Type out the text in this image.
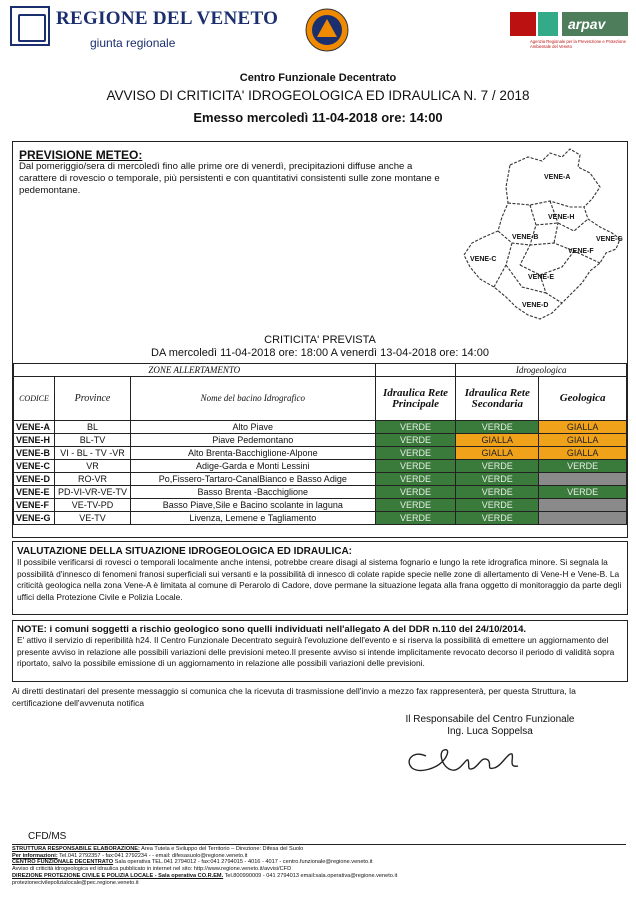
REGIONE DEL VENETO
giunta regionale
arpav
Agenzia Regionale per la Prevenzione e Protezione Ambientale del Veneto
Centro Funzionale Decentrato
AVVISO DI CRITICITA' IDROGEOLOGICA ED IDRAULICA N. 7 / 2018
Emesso mercoledì 11-04-2018 ore: 14:00
PREVISIONE METEO:
Dal pomeriggio/sera di mercoledì fino alle prime ore di venerdì, precipitazioni diffuse anche a carattere di rovescio o temporale, più persistenti e con quantitativi consistenti sulle zone montane e pedemontane.
VENE-A
VENE-H
VENE-B	VENE-G
VENE-F
VENE-C
VENE-E
VENE-D
CRITICITA' PREVISTA
DA mercoledì 11-04-2018 ore: 18:00 A venerdì 13-04-2018 ore: 14:00
ZONE ALLERTAMENTO				Idrogeologica	
CODICE	Province	Nome del bacino Idrografico	Idraulica Rete Principale	Idraulica Rete Secondaria	Geologica
VENE-A	BL	Alto Piave	VERDE	VERDE	GIALLA
VENE-H	BL-TV	Piave Pedemontano	VERDE	GIALLA	GIALLA
VENE-B	VI - BL - TV -VR	Alto Brenta-Bacchiglione-Alpone	VERDE	GIALLA	GIALLA
VENE-C	VR	Adige-Garda e Monti Lessini	VERDE	VERDE	VERDE
VENE-D	RO-VR	Po,Fissero-Tartaro-CanalBianco e Basso Adige	VERDE	VERDE	
VENE-E	PD-VI-VR-VE-TV	Basso Brenta -Bacchiglione	VERDE	VERDE	VERDE
VENE-F	VE-TV-PD	Basso Piave,Sile e Bacino scolante in laguna	VERDE	VERDE	
VENE-G	VE-TV	Livenza, Lemene e Tagliamento	VERDE	VERDE	
VALUTAZIONE DELLA SITUAZIONE IDROGEOLOGICA ED IDRAULICA:
Il possibile verificarsi di rovesci o temporali localmente anche intensi, potrebbe creare disagi al sistema fognario e lungo la rete idrografica minore. Si segnala la possibilità d'innesco di fenomeni franosi superficiali sui versanti e la possibilità di innesco di colate rapide specie nelle zone di allertamento di Vene-H e Vene-B. La criticità geologica nella zona Vene-A è limitata al comune di Perarolo di Cadore, dove permane la situazione legata alla frana oggetto di monitoraggio da parte degli uffici della Protezione Civile e Polizia Locale.
NOTE: i comuni soggetti a rischio geologico sono quelli individuati nell'allegato A del DDR n.110 del 24/10/2014.
E' attivo il servizio di reperibilità h24. Il Centro Funzionale Decentrato seguirà l'evoluzione dell'evento e si riserva la possibilità di emettere un aggiornamento del presente avviso in relazione alle possibili variazioni delle previsioni meteo.Il presente avviso si intende implicitamente revocato decorso il periodo di validità sopra riportato, salvo la possibile emissione di un aggiornamento in relazione alle possibili variazioni delle previsioni.
Ai diretti destinatari del presente messaggio si comunica che la ricevuta di trasmissione dell'invio a mezzo fax rappresenterà, per questa Struttura, la certificazione dell'avvenuta notifica
Il Responsabile del Centro Funzionale
Ing. Luca Soppelsa
CFD/MS
STRUTTURA RESPONSABILE ELABORAZIONE: Area Tutela e Sviluppo del Territorio – Direzione: Difesa del Suolo
Per informazioni: Tel.041 2792357 - fax:041 2792234 - - email: difesasuolo@regione.veneto.it
CENTRO FUNZIONALE DECENTRATO Sala operativa TEL.041 2794012 - fax:041 2794015 - 4016 - 4017 - centro.funzionale@regione.veneto.it
Avviso di criticità idrogeologica ed idraulica pubblicato in internet nel sito: http://www.regione.veneto.it/avvisi/CFD
DIREZIONE PROTEZIONE CIVILE E POLIZIA LOCALE - Sala operativa CO.R.EM. Tel.800990009 - 041 2794013 email:sala.operativa@regione.veneto.it
protezionecivilepolizialocale@pec.regione.veneto.it
